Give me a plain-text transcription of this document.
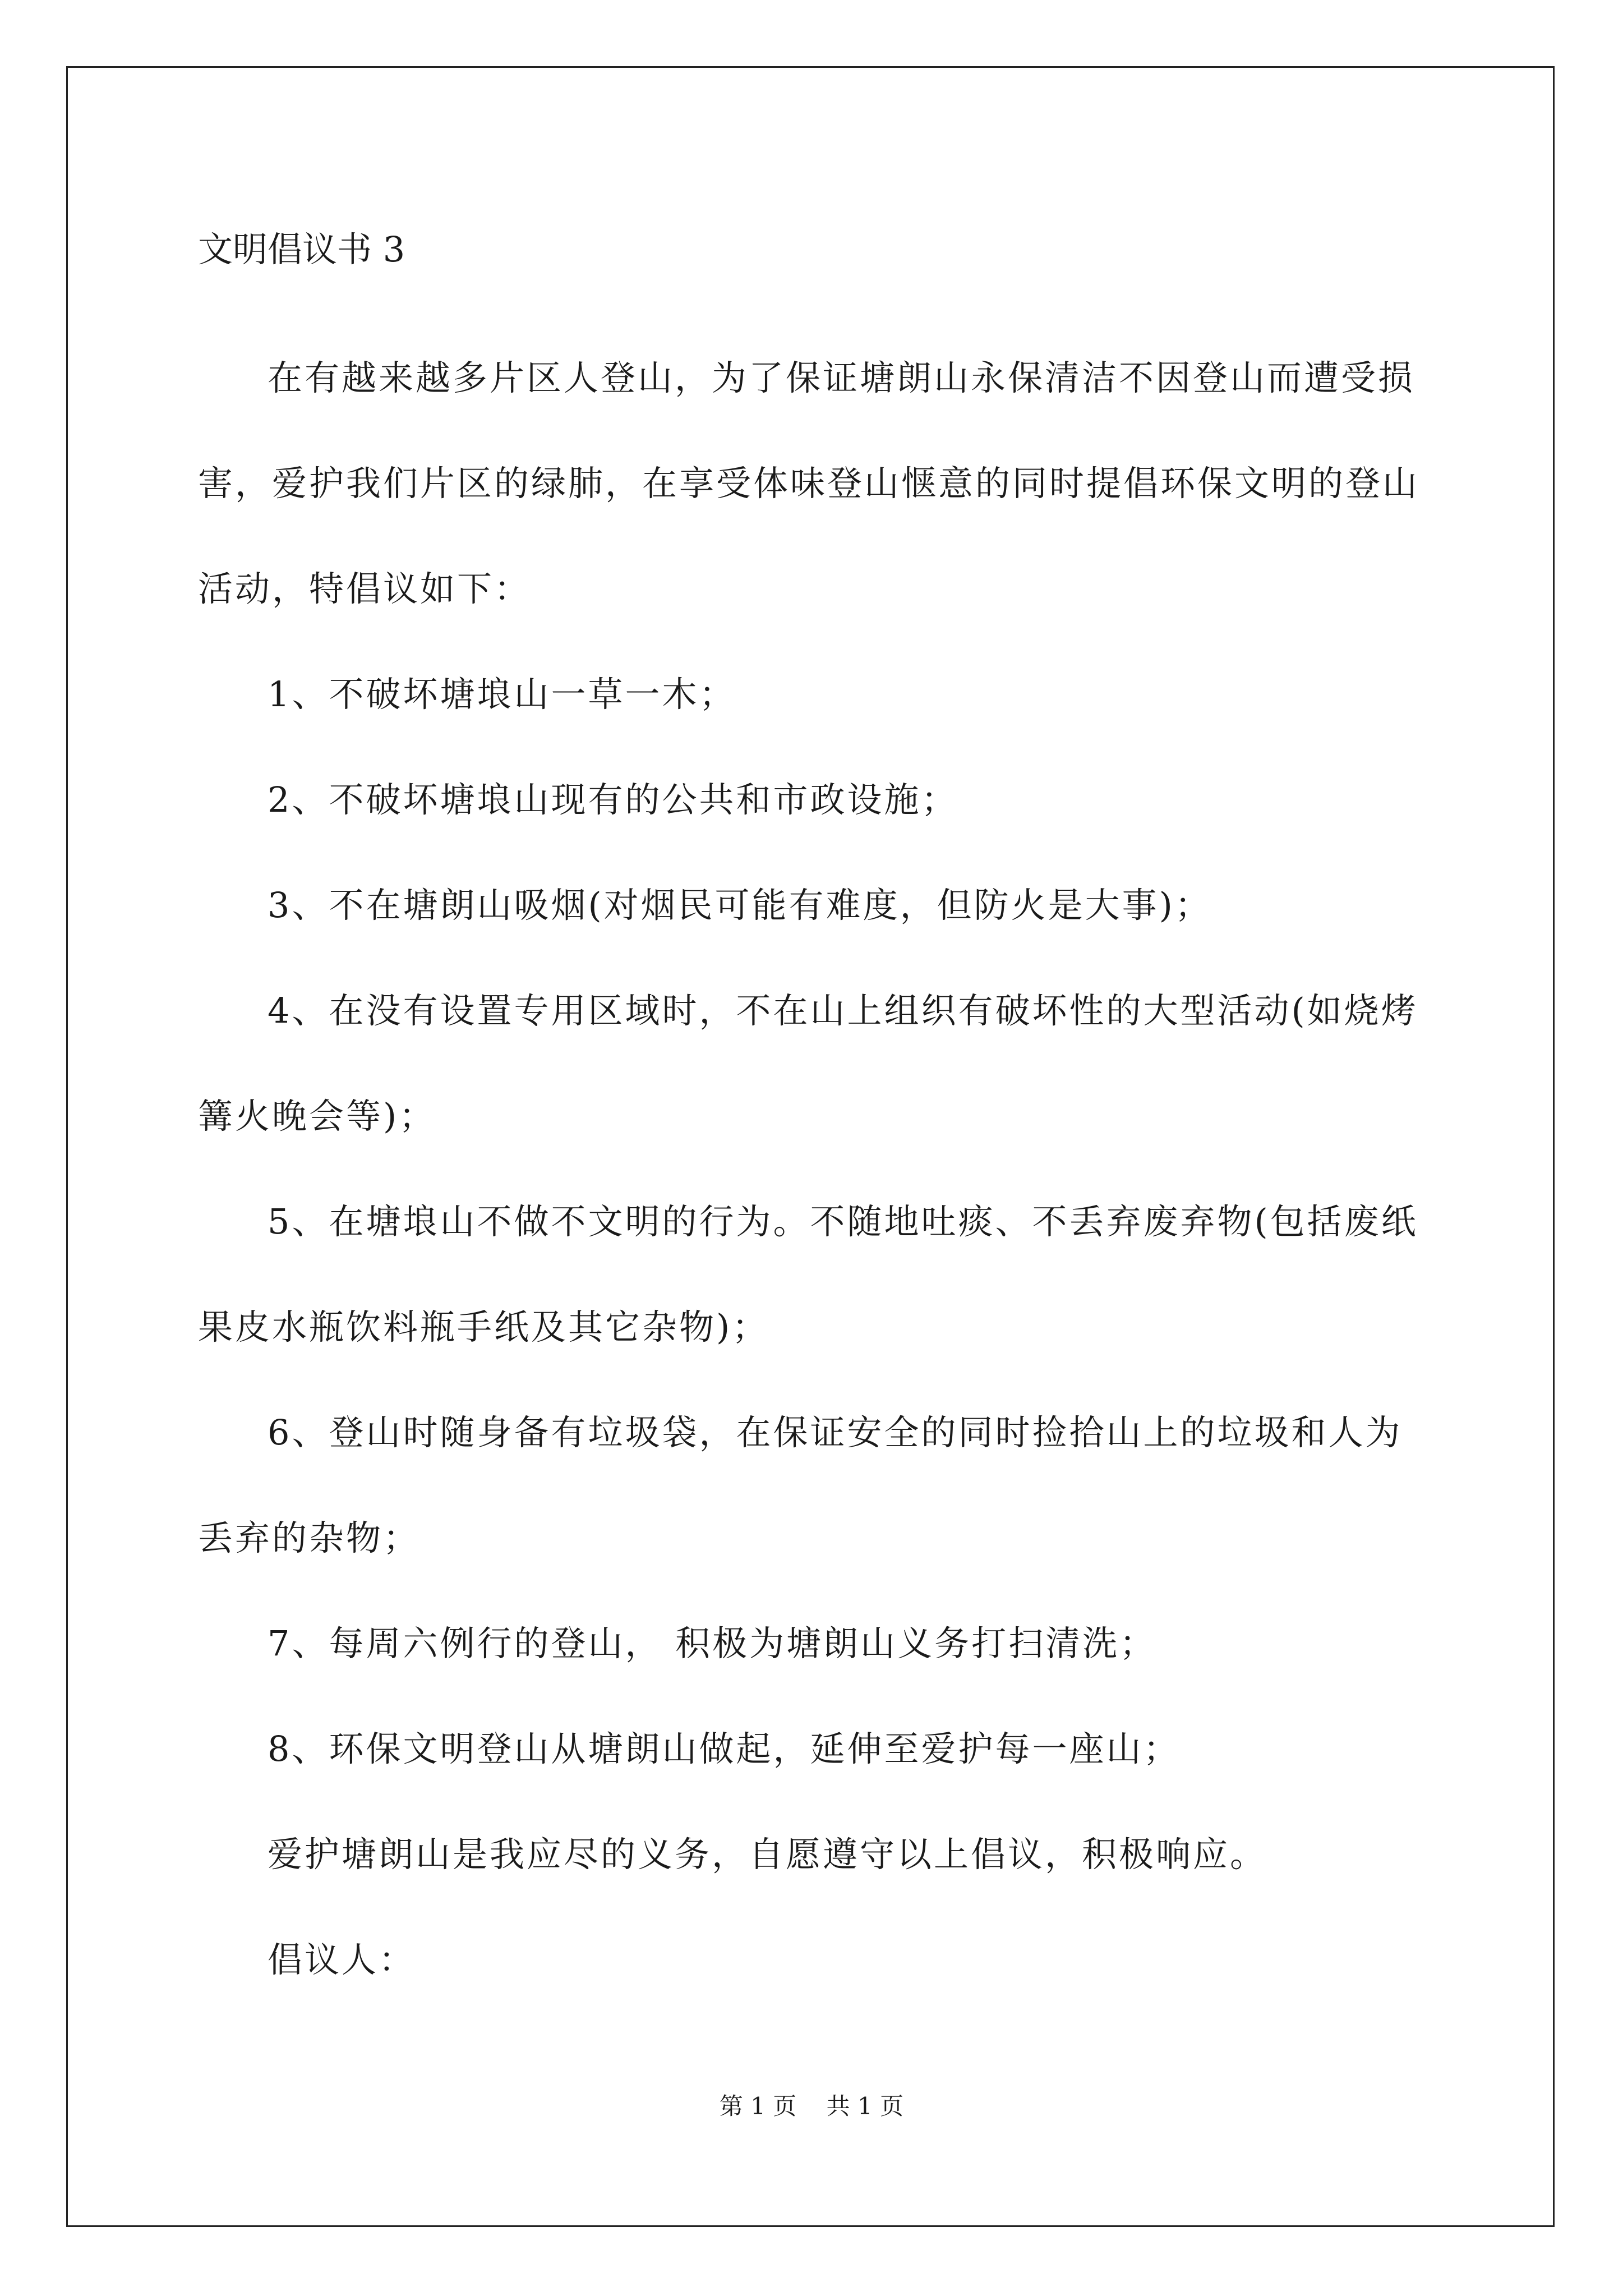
文明倡议书 3

在有越来越多片区人登山，为了保证塘朗山永保清洁不因登山而遭受损害，爱护我们片区的绿肺，在享受体味登山惬意的同时提倡环保文明的登山活动，特倡议如下：

1、不破坏塘埌山一草一木；

2、不破坏塘埌山现有的公共和市政设施；

3、不在塘朗山吸烟(对烟民可能有难度，但防火是大事)；

4、在没有设置专用区域时，不在山上组织有破坏性的大型活动(如烧烤篝火晚会等)；

5、在塘埌山不做不文明的行为。不随地吐痰、不丢弃废弃物(包括废纸果皮水瓶饮料瓶手纸及其它杂物)；

6、登山时随身备有垃圾袋，在保证安全的同时捡拾山上的垃圾和人为丢弃的杂物；

7、每周六例行的登山， 积极为塘朗山义务打扫清洗；

8、环保文明登山从塘朗山做起，延伸至爱护每一座山；

爱护塘朗山是我应尽的义务，自愿遵守以上倡议，积极响应。

倡议人：

第 1 页 共 1 页
